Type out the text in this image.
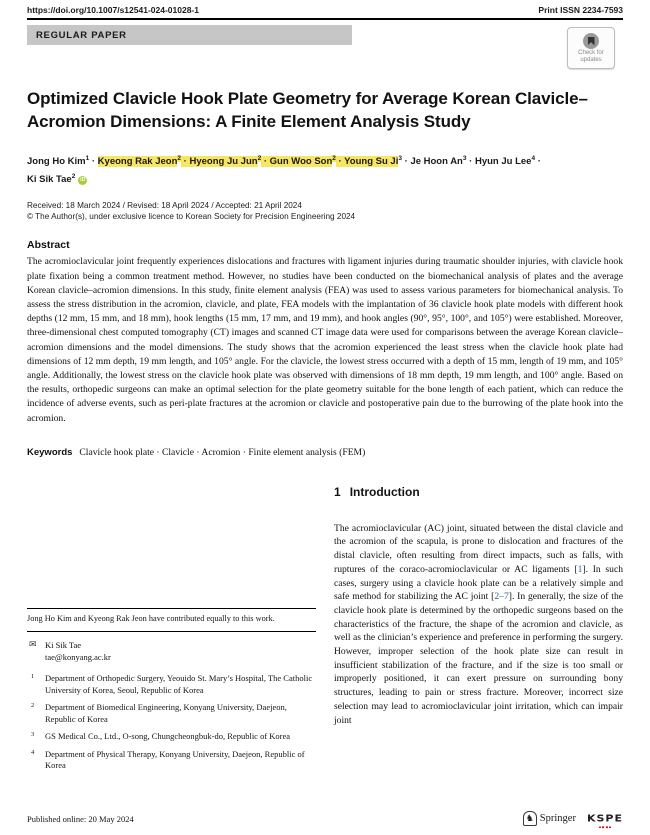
https://doi.org/10.1007/s12541-024-01028-1	Print ISSN 2234-7593
REGULAR PAPER
Check for
updates
Optimized Clavicle Hook Plate Geometry for Average Korean Clavicle–Acromion Dimensions: A Finite Element Analysis Study
Jong Ho Kim$^1$ · Kyeong Rak Jeon$^2$ · Hyeong Ju Jun$^2$ · Gun Woo Son$^2$ · Young Su $Ji^3 \cdot Je$ Hoon $An^3$ · Hyun Ju Lee$^4$ ·
Ki Sik Tae$^2$iD
Received: 18 March 2024 / Revised: 18 April 2024 / Accepted: 21 April 2024
© The Author(s), under exclusive licence to Korean Society for Precision Engineering 2024
Abstract
The acromioclavicular joint frequently experiences dislocations and fractures with ligament injuries during traumatic shoulder injuries, with clavicle hook plate fixation being a common treatment method. However, no studies have been conducted on the biomechanical analysis of plates and the average Korean clavicle–acromion dimensions. In this study, finite element analysis (FEA) was used to assess various parameters for biomechanical analysis. To assess the stress distribution in the acromion, clavicle, and plate, FEA models with the implantation of 36 clavicle hook plate models with different hook depths (12 mm, 15 mm, and 18 mm), hook lengths (15 mm, 17 mm, and 19 mm), and hook angles (90°, 95°, 100°, and 105°) were established. Moreover, three-dimensional chest computed tomography (CT) images and scanned CT image data were used for comparisons between the average Korean clavicle–acromion dimensions and the model dimensions. The study shows that the acromion experienced the least stress when the clavicle hook plate had dimensions of 12 mm depth, 19 mm length, and 105° angle. For the clavicle, the lowest stress occurred with a depth of 15 mm, length of 19 mm, and 105° angle. Additionally, the lowest stress on the clavicle hook plate was observed with dimensions of 18 mm depth, 19 mm length, and 100° angle. Based on the results, orthopedic surgeons can make an optimal selection for the plate geometry suitable for the bone length of each patient, which can reduce the incidence of adverse events, such as peri-plate fractures at the acromion or clavicle and postoperative pain due to the burrowing of the plate hook into the acromion.
Keywords Clavicle hook plate · Clavicle · Acromion · Finite element analysis (FEM)
Jong Ho Kim and Kyeong Rak Jeon have contributed equally to this work.
✉ Ki Sik Tae
tae@konyang.ac.kr
1 Department of Orthopedic Surgery, Yeouido St. Mary’s Hospital, The Catholic University of Korea, Seoul, Republic of Korea
2 Department of Biomedical Engineering, Konyang University, Daejeon, Republic of Korea
3 GS Medical Co., Ltd., O-song, Chungcheongbuk-do, Republic of Korea
4 Department of Physical Therapy, Konyang University, Daejeon, Republic of Korea
1 Introduction
The acromioclavicular (AC) joint, situated between the distal clavicle and the acromion of the scapula, is prone to dislocation and fractures of the distal clavicle, often resulting from direct impacts, such as falls, with ruptures of the coraco-acromioclavicular or AC ligaments [1]. In such cases, surgery using a clavicle hook plate can be a relatively simple and safe method for stabilizing the AC joint [2–7]. In generally, the size of the clavicle hook plate is determined by the orthopedic surgeons based on the characteristics of the fracture, the shape of the acromion and clavicle, as well as the clinician’s experience and preference in performing the surgery. However, improper selection of the hook plate size can result in insufficient stabilization of the fracture, and if the size is too small or improperly positioned, it can exert pressure on surrounding bony structures, leading to pain or stress fracture. Moreover, incorrect size selection may lead to acromioclavicular joint irritation, which can impair joint
Published online: 20 May 2024	♞ Springer KSPE
